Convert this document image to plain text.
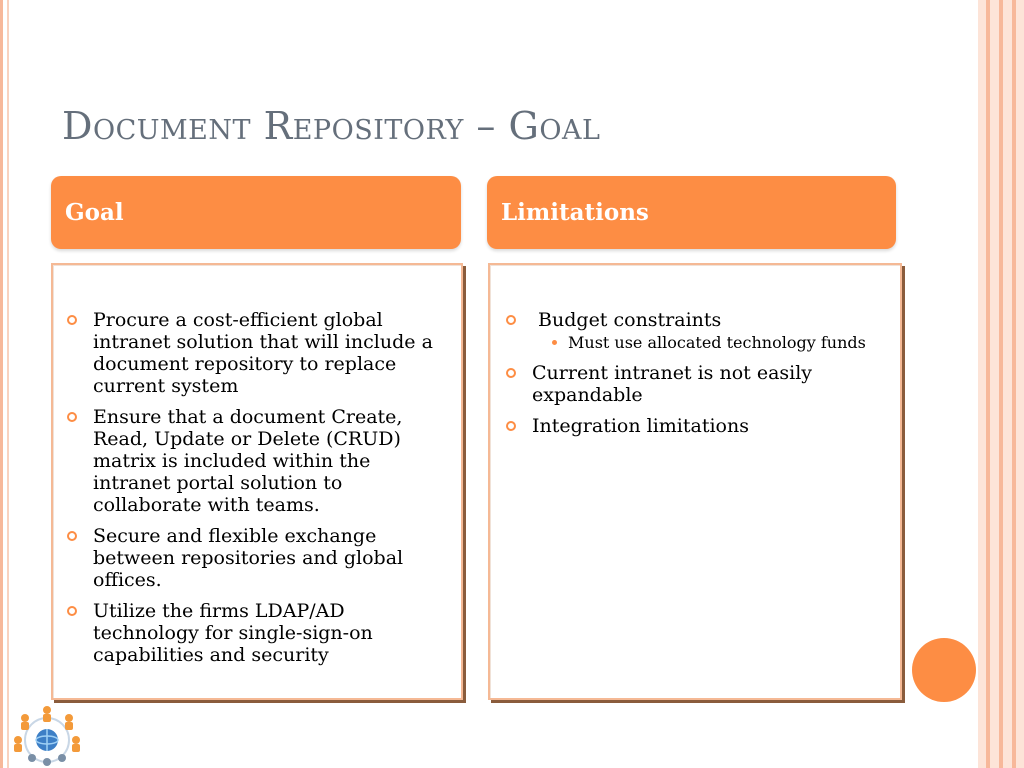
Document Repository – Goal
Goal
Procure a cost-efficient global intranet solution that will include a document repository to replace current system
Ensure that a document Create, Read, Update or Delete (CRUD) matrix is included within the intranet portal solution to collaborate with teams.
Secure and flexible exchange between repositories and global offices.
Utilize the firms LDAP/AD technology for single-sign-on capabilities and security
Limitations
Budget constraints
Must use allocated technology funds
Current intranet is not easily expandable
Integration limitations
